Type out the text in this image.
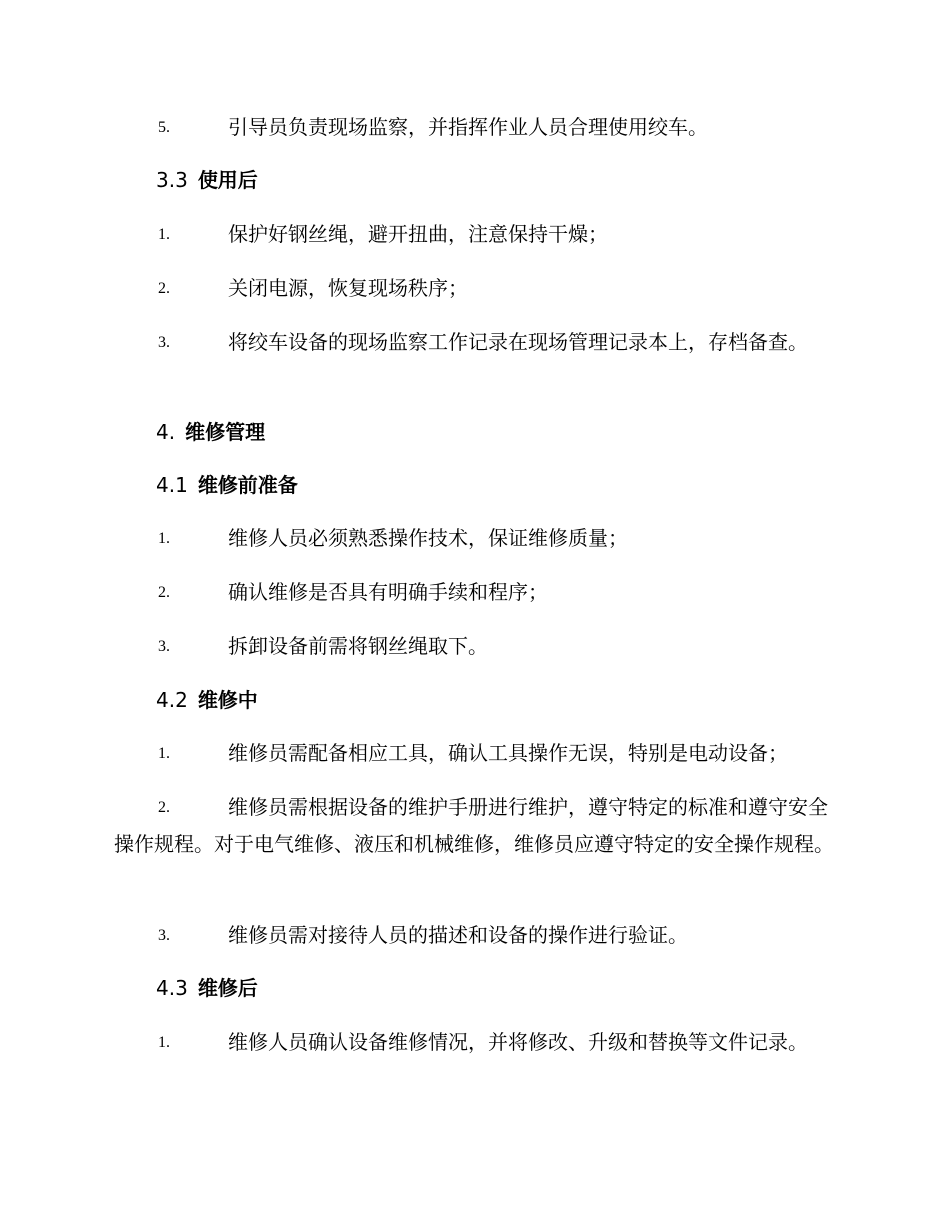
5.	引导员负责现场监察，并指挥作业人员合理使用绞车。
3.3 使用后
1.	保护好钢丝绳，避开扭曲，注意保持干燥；
2.	关闭电源，恢复现场秩序；
3.	将绞车设备的现场监察工作记录在现场管理记录本上，存档备查。
4. 维修管理
4.1 维修前准备
1.	维修人员必须熟悉操作技术，保证维修质量；
2.	确认维修是否具有明确手续和程序；
3.	拆卸设备前需将钢丝绳取下。
4.2 维修中
1.	维修员需配备相应工具，确认工具操作无误，特别是电动设备；
2.	维修员需根据设备的维护手册进行维护，遵守特定的标准和遵守安全操作规程。对于电气维修、液压和机械维修，维修员应遵守特定的安全操作规程。
3.	维修员需对接待人员的描述和设备的操作进行验证。
4.3 维修后
1.	维修人员确认设备维修情况，并将修改、升级和替换等文件记录。
